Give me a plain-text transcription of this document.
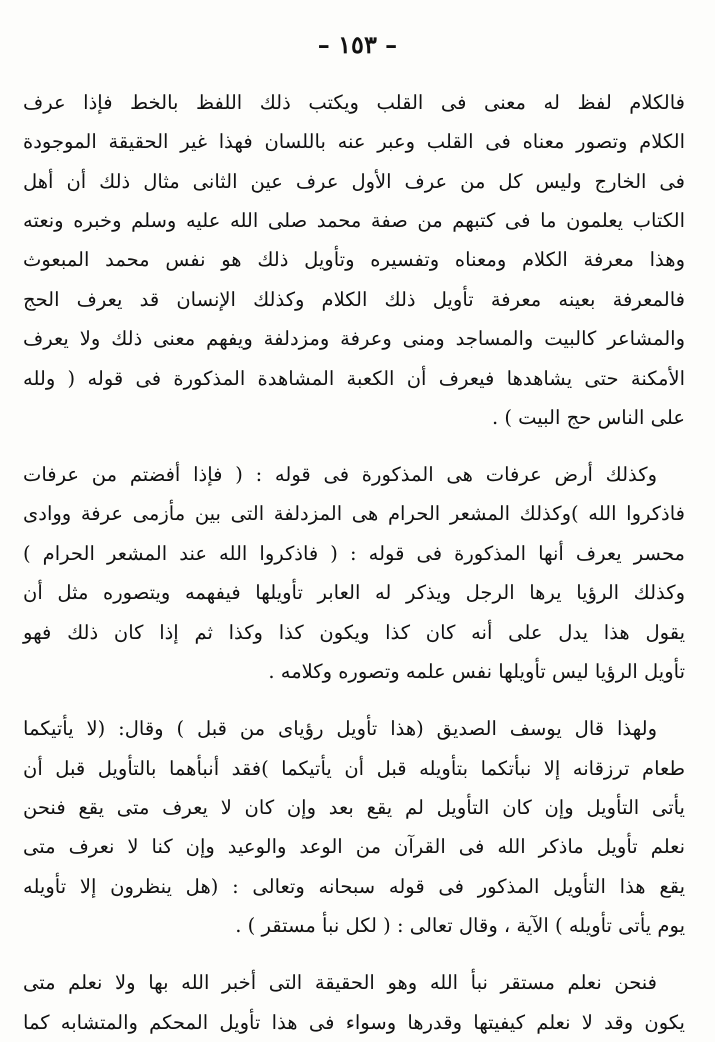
– ١٥٣ –
فالكلام لفظ له معنى فى القلب ويكتب ذلك اللفظ بالخط فإذا عرف
الكلام وتصور معناه فى القلب وعبر عنه باللسان فهذا غير الحقيقة الموجودة
فى الخارج وليس كل من عرف الأول عرف عين الثانى مثال ذلك أن أهل
الكتاب يعلمون ما فى كتبهم من صفة محمد صلى الله عليه وسلم وخبره ونعته
وهذا معرفة الكلام ومعناه وتفسيره وتأويل ذلك هو نفس محمد المبعوث
فالمعرفة بعينه معرفة تأويل ذلك الكلام وكذلك الإنسان قد يعرف الحج
والمشاعر كالبيت والمساجد ومنى وعرفة ومزدلفة ويفهم معنى ذلك ولا يعرف
الأمكنة حتى يشاهدها فيعرف أن الكعبة المشاهدة المذكورة فى قوله ( ولله
على الناس حج البيت ) .
وكذلك أرض عرفات هى المذكورة فى قوله : ( فإذا أفضتم من عرفات
فاذكروا الله )وكذلك المشعر الحرام هى المزدلفة التى بين مأزمى عرفة ووادى
محسر يعرف أنها المذكورة فى قوله : ( فاذكروا الله عند المشعر الحرام )
وكذلك الرؤيا يرها الرجل ويذكر له العابر تأويلها فيفهمه ويتصوره مثل أن
يقول هذا يدل على أنه كان كذا ويكون كذا وكذا ثم إذا كان ذلك فهو
تأويل الرؤيا ليس تأويلها نفس علمه وتصوره وكلامه .
ولهذا قال يوسف الصديق (هذا تأويل رؤياى من قبل ) وقال: (لا يأتيكما
طعام ترزقانه إلا نبأتكما بتأويله قبل أن يأتيكما )فقد أنبأهما بالتأويل قبل أن
يأتى التأويل وإن كان التأويل لم يقع بعد وإن كان لا يعرف متى يقع فنحن
نعلم تأويل ماذكر الله فى القرآن من الوعد والوعيد وإن كنا لا نعرف متى
يقع هذا التأويل المذكور فى قوله سبحانه وتعالى : (هل ينظرون إلا تأويله
يوم يأتى تأويله ) الآية ، وقال تعالى : ( لكل نبأ مستقر ) .
فنحن نعلم مستقر نبأ الله وهو الحقيقة التى أخبر الله بها ولا نعلم متى
يكون وقد لا نعلم كيفيتها وقدرها وسواء فى هذا تأويل المحكم والمتشابه كما
